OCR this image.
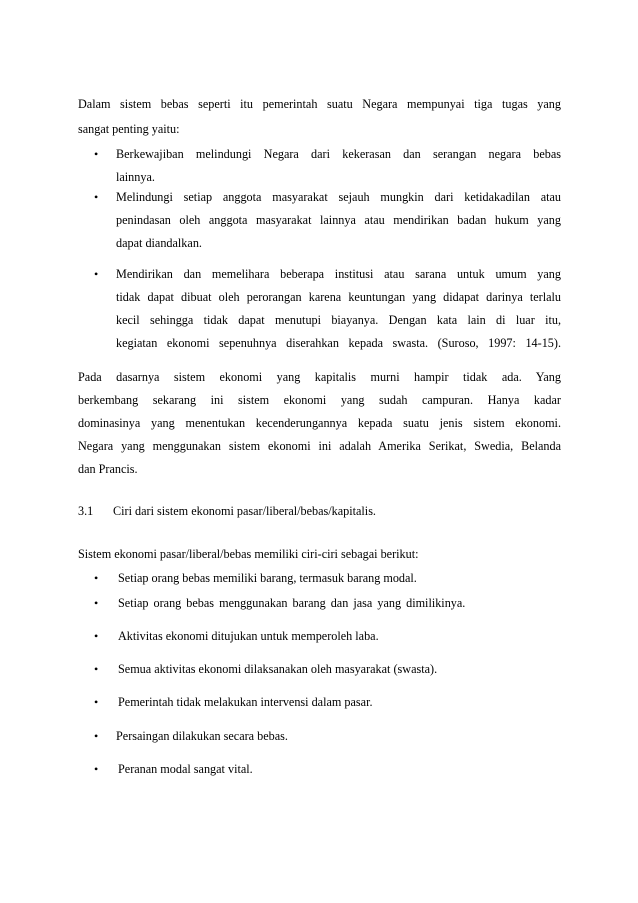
Dalam sistem bebas seperti itu pemerintah suatu Negara mempunyai tiga tugas yang
sangat penting yaitu:
• Berkewajiban melindungi Negara dari kekerasan dan serangan negara bebas
lainnya.
• Melindungi setiap anggota masyarakat sejauh mungkin dari ketidakadilan atau
penindasan oleh anggota masyarakat lainnya atau mendirikan badan hukum yang
dapat diandalkan.
• Mendirikan dan memelihara beberapa institusi atau sarana untuk umum yang
tidak dapat dibuat oleh perorangan karena keuntungan yang didapat darinya terlalu
kecil sehingga tidak dapat menutupi biayanya. Dengan kata lain di luar itu,
kegiatan ekonomi sepenuhnya diserahkan kepada swasta. (Suroso, 1997: 14-15).
Pada dasarnya sistem ekonomi yang kapitalis murni hampir tidak ada. Yang
berkembang sekarang ini sistem ekonomi yang sudah campuran. Hanya kadar
dominasinya yang menentukan kecenderungannya kepada suatu jenis sistem ekonomi.
Negara yang menggunakan sistem ekonomi ini adalah Amerika Serikat, Swedia, Belanda
dan Prancis.
3.1 Ciri dari sistem ekonomi pasar/liberal/bebas/kapitalis.
Sistem ekonomi pasar/liberal/bebas memiliki ciri-ciri sebagai berikut:
• Setiap orang bebas memiliki barang, termasuk barang modal.
• Setiap orang bebas menggunakan barang dan jasa yang dimilikinya.
• Aktivitas ekonomi ditujukan untuk memperoleh laba.
• Semua aktivitas ekonomi dilaksanakan oleh masyarakat (swasta).
• Pemerintah tidak melakukan intervensi dalam pasar.
• Persaingan dilakukan secara bebas.
• Peranan modal sangat vital.
